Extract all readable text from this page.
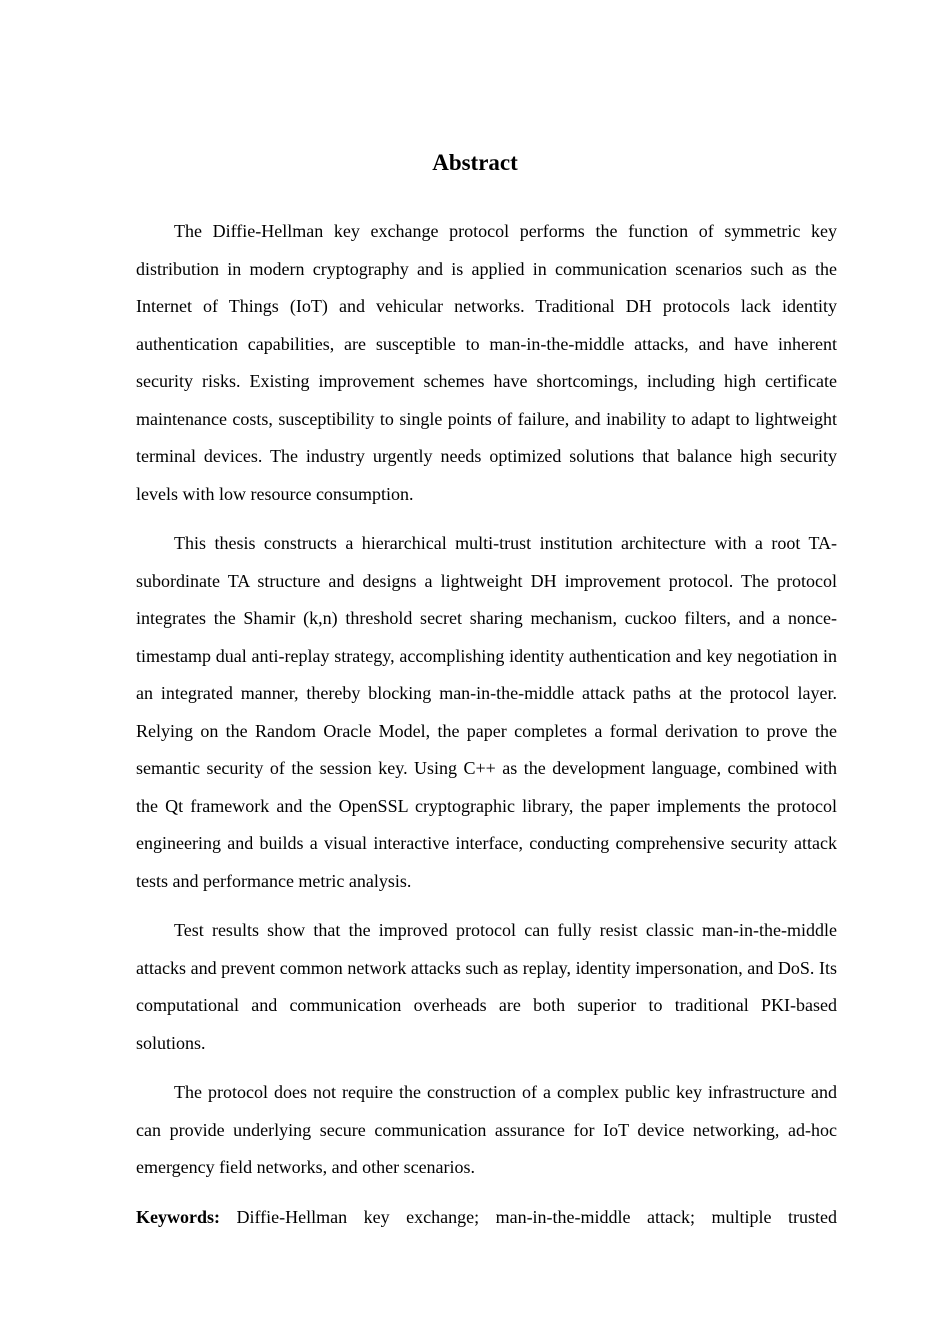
Abstract

The Diffie-Hellman key exchange protocol performs the function of symmetric key distribution in modern cryptography and is applied in communication scenarios such as the Internet of Things (IoT) and vehicular networks. Traditional DH protocols lack identity authentication capabilities, are susceptible to man-in-the-middle attacks, and have inherent security risks. Existing improvement schemes have shortcomings, including high certificate maintenance costs, susceptibility to single points of failure, and inability to adapt to lightweight terminal devices. The industry urgently needs optimized solutions that balance high security levels with low resource consumption.

This thesis constructs a hierarchical multi-trust institution architecture with a root TA-subordinate TA structure and designs a lightweight DH improvement protocol. The protocol integrates the Shamir (k,n) threshold secret sharing mechanism, cuckoo filters, and a nonce-timestamp dual anti-replay strategy, accomplishing identity authentication and key negotiation in an integrated manner, thereby blocking man-in-the-middle attack paths at the protocol layer. Relying on the Random Oracle Model, the paper completes a formal derivation to prove the semantic security of the session key. Using C++ as the development language, combined with the Qt framework and the OpenSSL cryptographic library, the paper implements the protocol engineering and builds a visual interactive interface, conducting comprehensive security attack tests and performance metric analysis.

Test results show that the improved protocol can fully resist classic man-in-the-middle attacks and prevent common network attacks such as replay, identity impersonation, and DoS. Its computational and communication overheads are both superior to traditional PKI-based solutions.

The protocol does not require the construction of a complex public key infrastructure and can provide underlying secure communication assurance for IoT device networking, ad-hoc emergency field networks, and other scenarios.

Keywords: Diffie-Hellman key exchange; man-in-the-middle attack; multiple trusted
